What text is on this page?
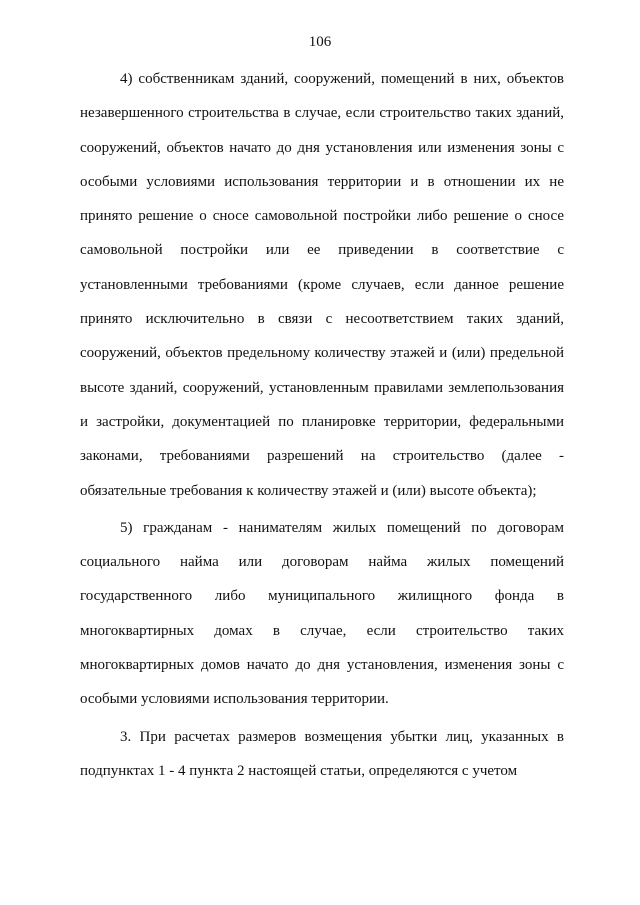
106

4) собственникам зданий, сооружений, помещений в них, объектов незавершенного строительства в случае, если строительство таких зданий, сооружений, объектов начато до дня установления или изменения зоны с особыми условиями использования территории и в отношении их не принято решение о сносе самовольной постройки либо решение о сносе самовольной постройки или ее приведении в соответствие с установленными требованиями (кроме случаев, если данное решение принято исключительно в связи с несоответствием таких зданий, сооружений, объектов предельному количеству этажей и (или) предельной высоте зданий, сооружений, установленным правилами землепользования и застройки, документацией по планировке территории, федеральными законами, требованиями разрешений на строительство (далее - обязательные требования к количеству этажей и (или) высоте объекта);

5) гражданам - нанимателям жилых помещений по договорам социального найма или договорам найма жилых помещений государственного либо муниципального жилищного фонда в многоквартирных домах в случае, если строительство таких многоквартирных домов начато до дня установления, изменения зоны с особыми условиями использования территории.

3. При расчетах размеров возмещения убытки лиц, указанных в подпунктах 1 - 4 пункта 2 настоящей статьи, определяются с учетом
